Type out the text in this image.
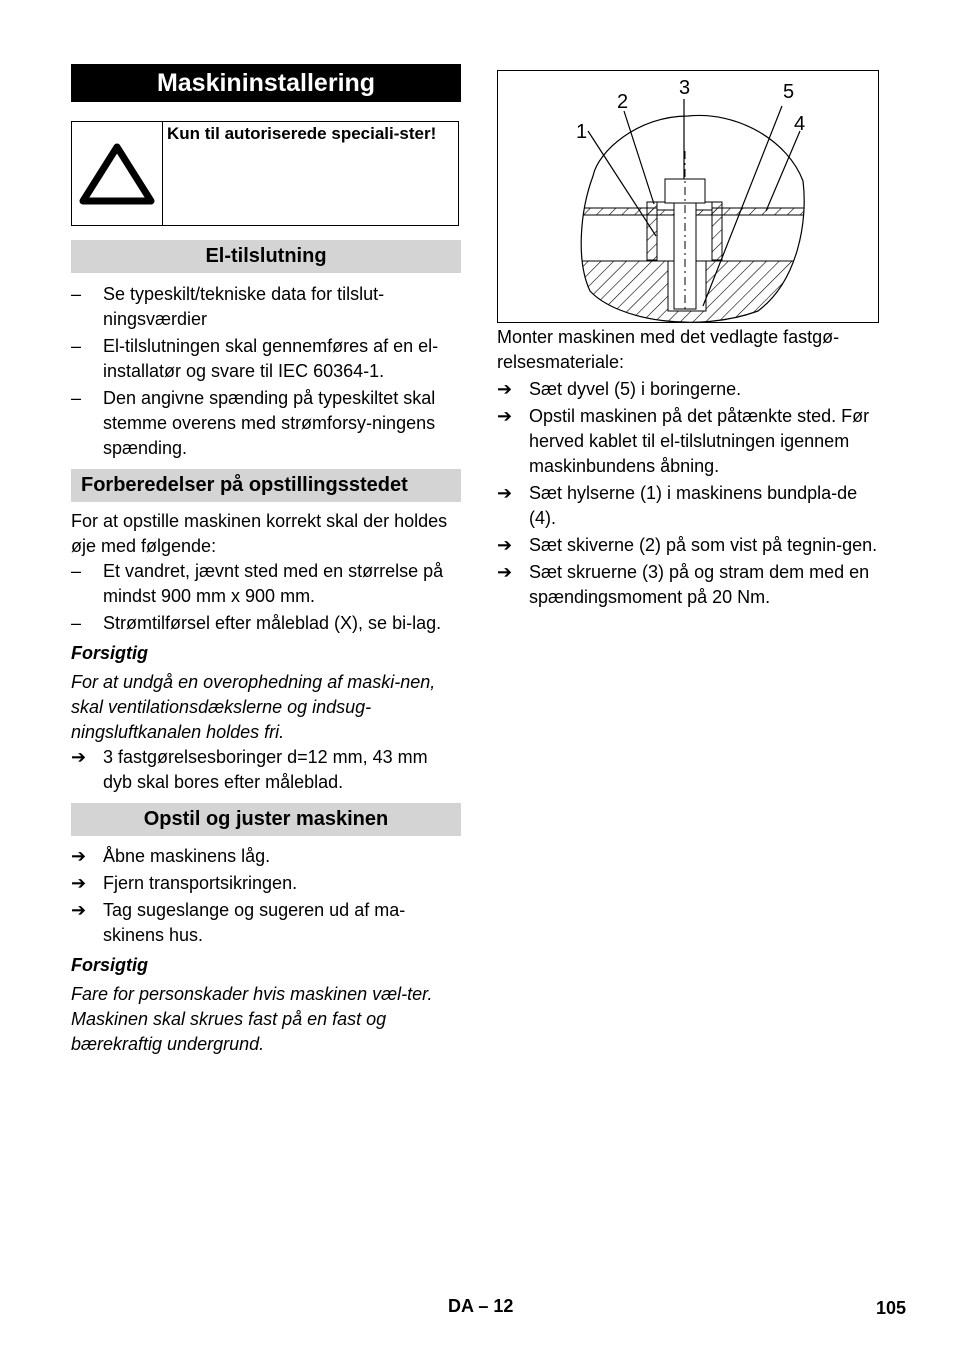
Maskininstallering
Kun til autoriserede speciali-ster!
El-tilslutning
– Se typeskilt/tekniske data for tilslut-ningsværdier
– El-tilslutningen skal gennemføres af en el-installatør og svare til IEC 60364-1.
– Den angivne spænding på typeskiltet skal stemme overens med strømforsy-ningens spænding.
Forberedelser på opstillingsstedet
For at opstille maskinen korrekt skal der holdes øje med følgende:
– Et vandret, jævnt sted med en størrelse på mindst 900 mm x 900 mm.
– Strømtilførsel efter måleblad (X), se bi-lag.
Forsigtig
For at undgå en overophedning af maski-nen, skal ventilationsdækslerne og indsug-ningsluftkanalen holdes fri.
➔ 3 fastgørelsesboringer d=12 mm, 43 mm dyb skal bores efter måleblad.
Opstil og juster maskinen
➔ Åbne maskinens låg.
➔ Fjern transportsikringen.
➔ Tag sugeslange og sugeren ud af ma-skinens hus.
Forsigtig
Fare for personskader hvis maskinen væl-ter. Maskinen skal skrues fast på en fast og bærekraftig undergrund.
1
2
3
4
5
Monter maskinen med det vedlagte fastgø-relsesmateriale:
➔ Sæt dyvel (5) i boringerne.
➔ Opstil maskinen på det påtænkte sted. Før herved kablet til el-tilslutningen igennem maskinbundens åbning.
➔ Sæt hylserne (1) i maskinens bundpla-de (4).
➔ Sæt skiverne (2) på som vist på tegnin-gen.
➔ Sæt skruerne (3) på og stram dem med en spændingsmoment på 20 Nm.
DA – 12	105
